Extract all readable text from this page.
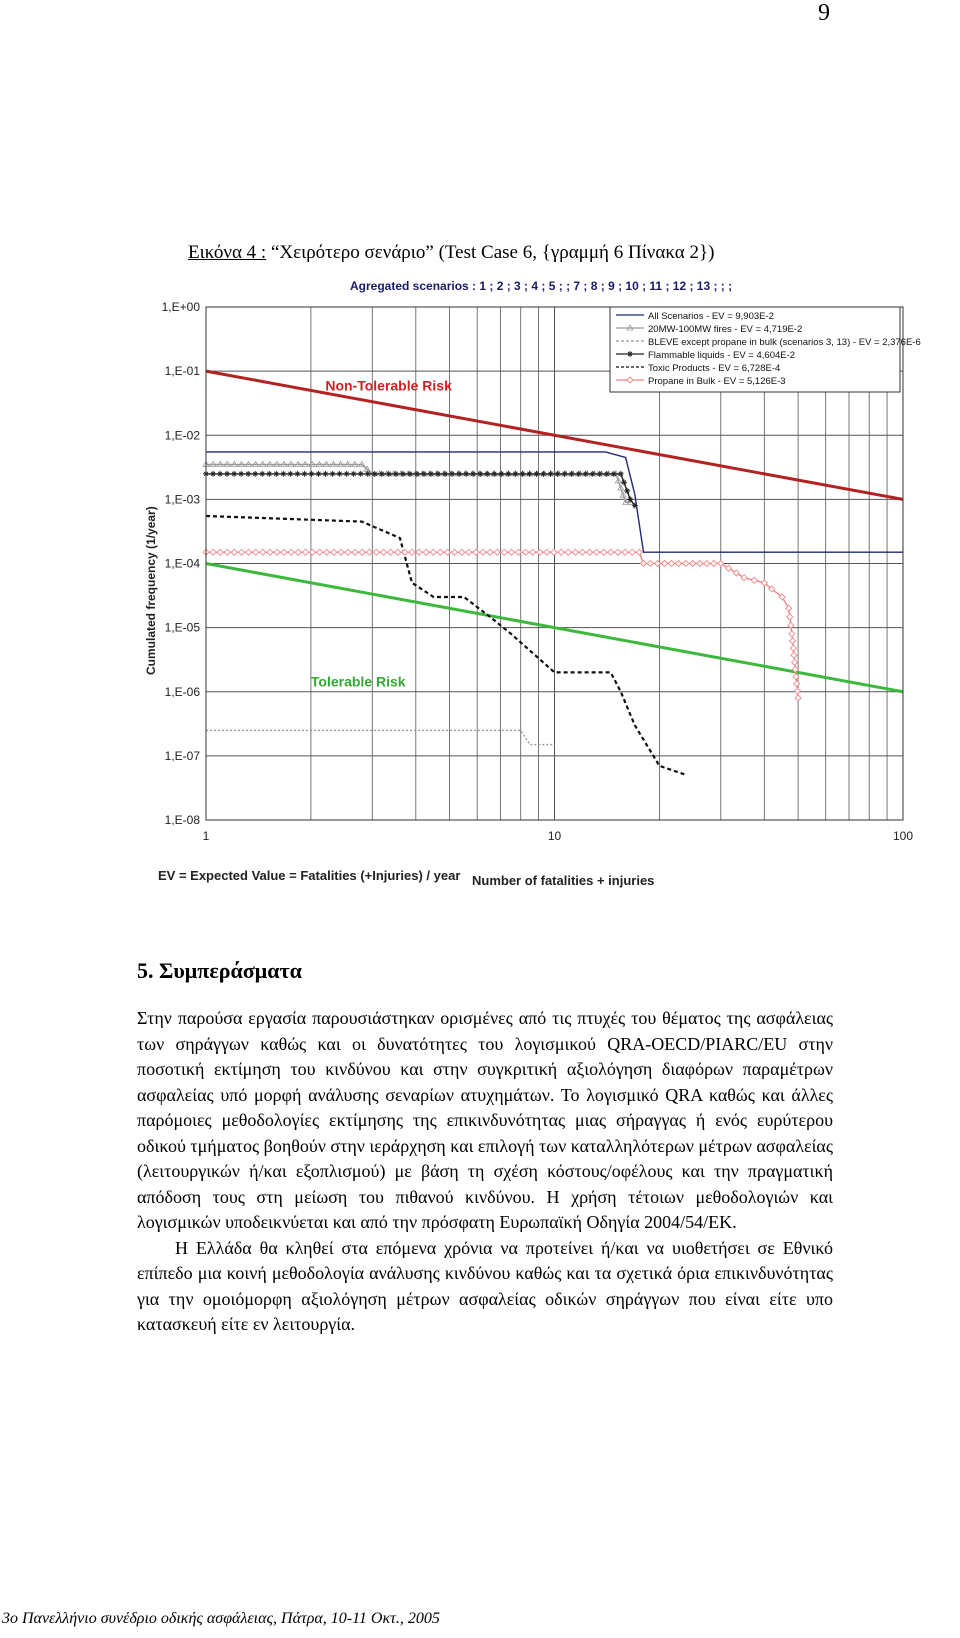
9
Εικόνα 4 : “Χειρότερο σενάριο” (Test Case 6, {γραμμή 6 Πίνακα 2})
Non-Tolerable Risk
Tolerable Risk
1,E+00
1,E-01
1,E-02
1,E-03
1,E-04
1,E-05
1,E-06
1,E-07
1,E-08
1	10	100
Agregated scenarios : 1 ; 2 ; 3 ; 4 ; 5 ; ; 7 ; 8 ; 9 ; 10 ; 11 ; 12 ; 13 ; ; ;
Cumulated frequency (1/year)
Number of fatalities + injuries
EV = Expected Value = Fatalities (+Injuries) / year
All Scenarios - EV = 9,903E-2
20MW-100MW fires - EV = 4,719E-2
BLEVE except propane in bulk (scenarios 3, 13) - EV = 2,376E-6
Flammable liquids - EV = 4,604E-2
Toxic Products - EV = 6,728E-4
Propane in Bulk - EV = 5,126E-3
5. Συμπεράσματα

Στην παρούσα εργασία παρουσιάστηκαν ορισμένες από τις πτυχές του θέματος της ασφάλειας των σηράγγων καθώς και οι δυνατότητες του λογισμικού QRA-OECD/PIARC/EU στην ποσοτική εκτίμηση του κινδύνου και στην συγκριτική αξιολόγηση διαφόρων παραμέτρων ασφαλείας υπό μορφή ανάλυσης σεναρίων ατυχημάτων. Το λογισμικό QRA καθώς και άλλες παρόμοιες μεθοδολογίες εκτίμησης της επικινδυνότητας μιας σήραγγας ή ενός ευρύτερου οδικού τμήματος βοηθούν στην ιεράρχηση και επιλογή των καταλληλότερων μέτρων ασφαλείας (λειτουργικών ή/και εξοπλισμού) με βάση τη σχέση κόστους/οφέλους και την πραγματική απόδοση τους στη μείωση του πιθανού κινδύνου. Η χρήση τέτοιων μεθοδολογιών και λογισμικών υποδεικνύεται και από την πρόσφατη Ευρωπαϊκή Οδηγία 2004/54/ΕΚ.

Η Ελλάδα θα κληθεί στα επόμενα χρόνια να προτείνει ή/και να υιοθετήσει σε Εθνικό επίπεδο μια κοινή μεθοδολογία ανάλυσης κινδύνου καθώς και τα σχετικά όρια επικινδυνότητας για την ομοιόμορφη αξιολόγηση μέτρων ασφαλείας οδικών σηράγγων που είναι είτε υπο κατασκευή είτε εν λειτουργία.

3ο Πανελλήνιο συνέδριο οδικής ασφάλειας, Πάτρα, 10-11 Οκτ., 2005
